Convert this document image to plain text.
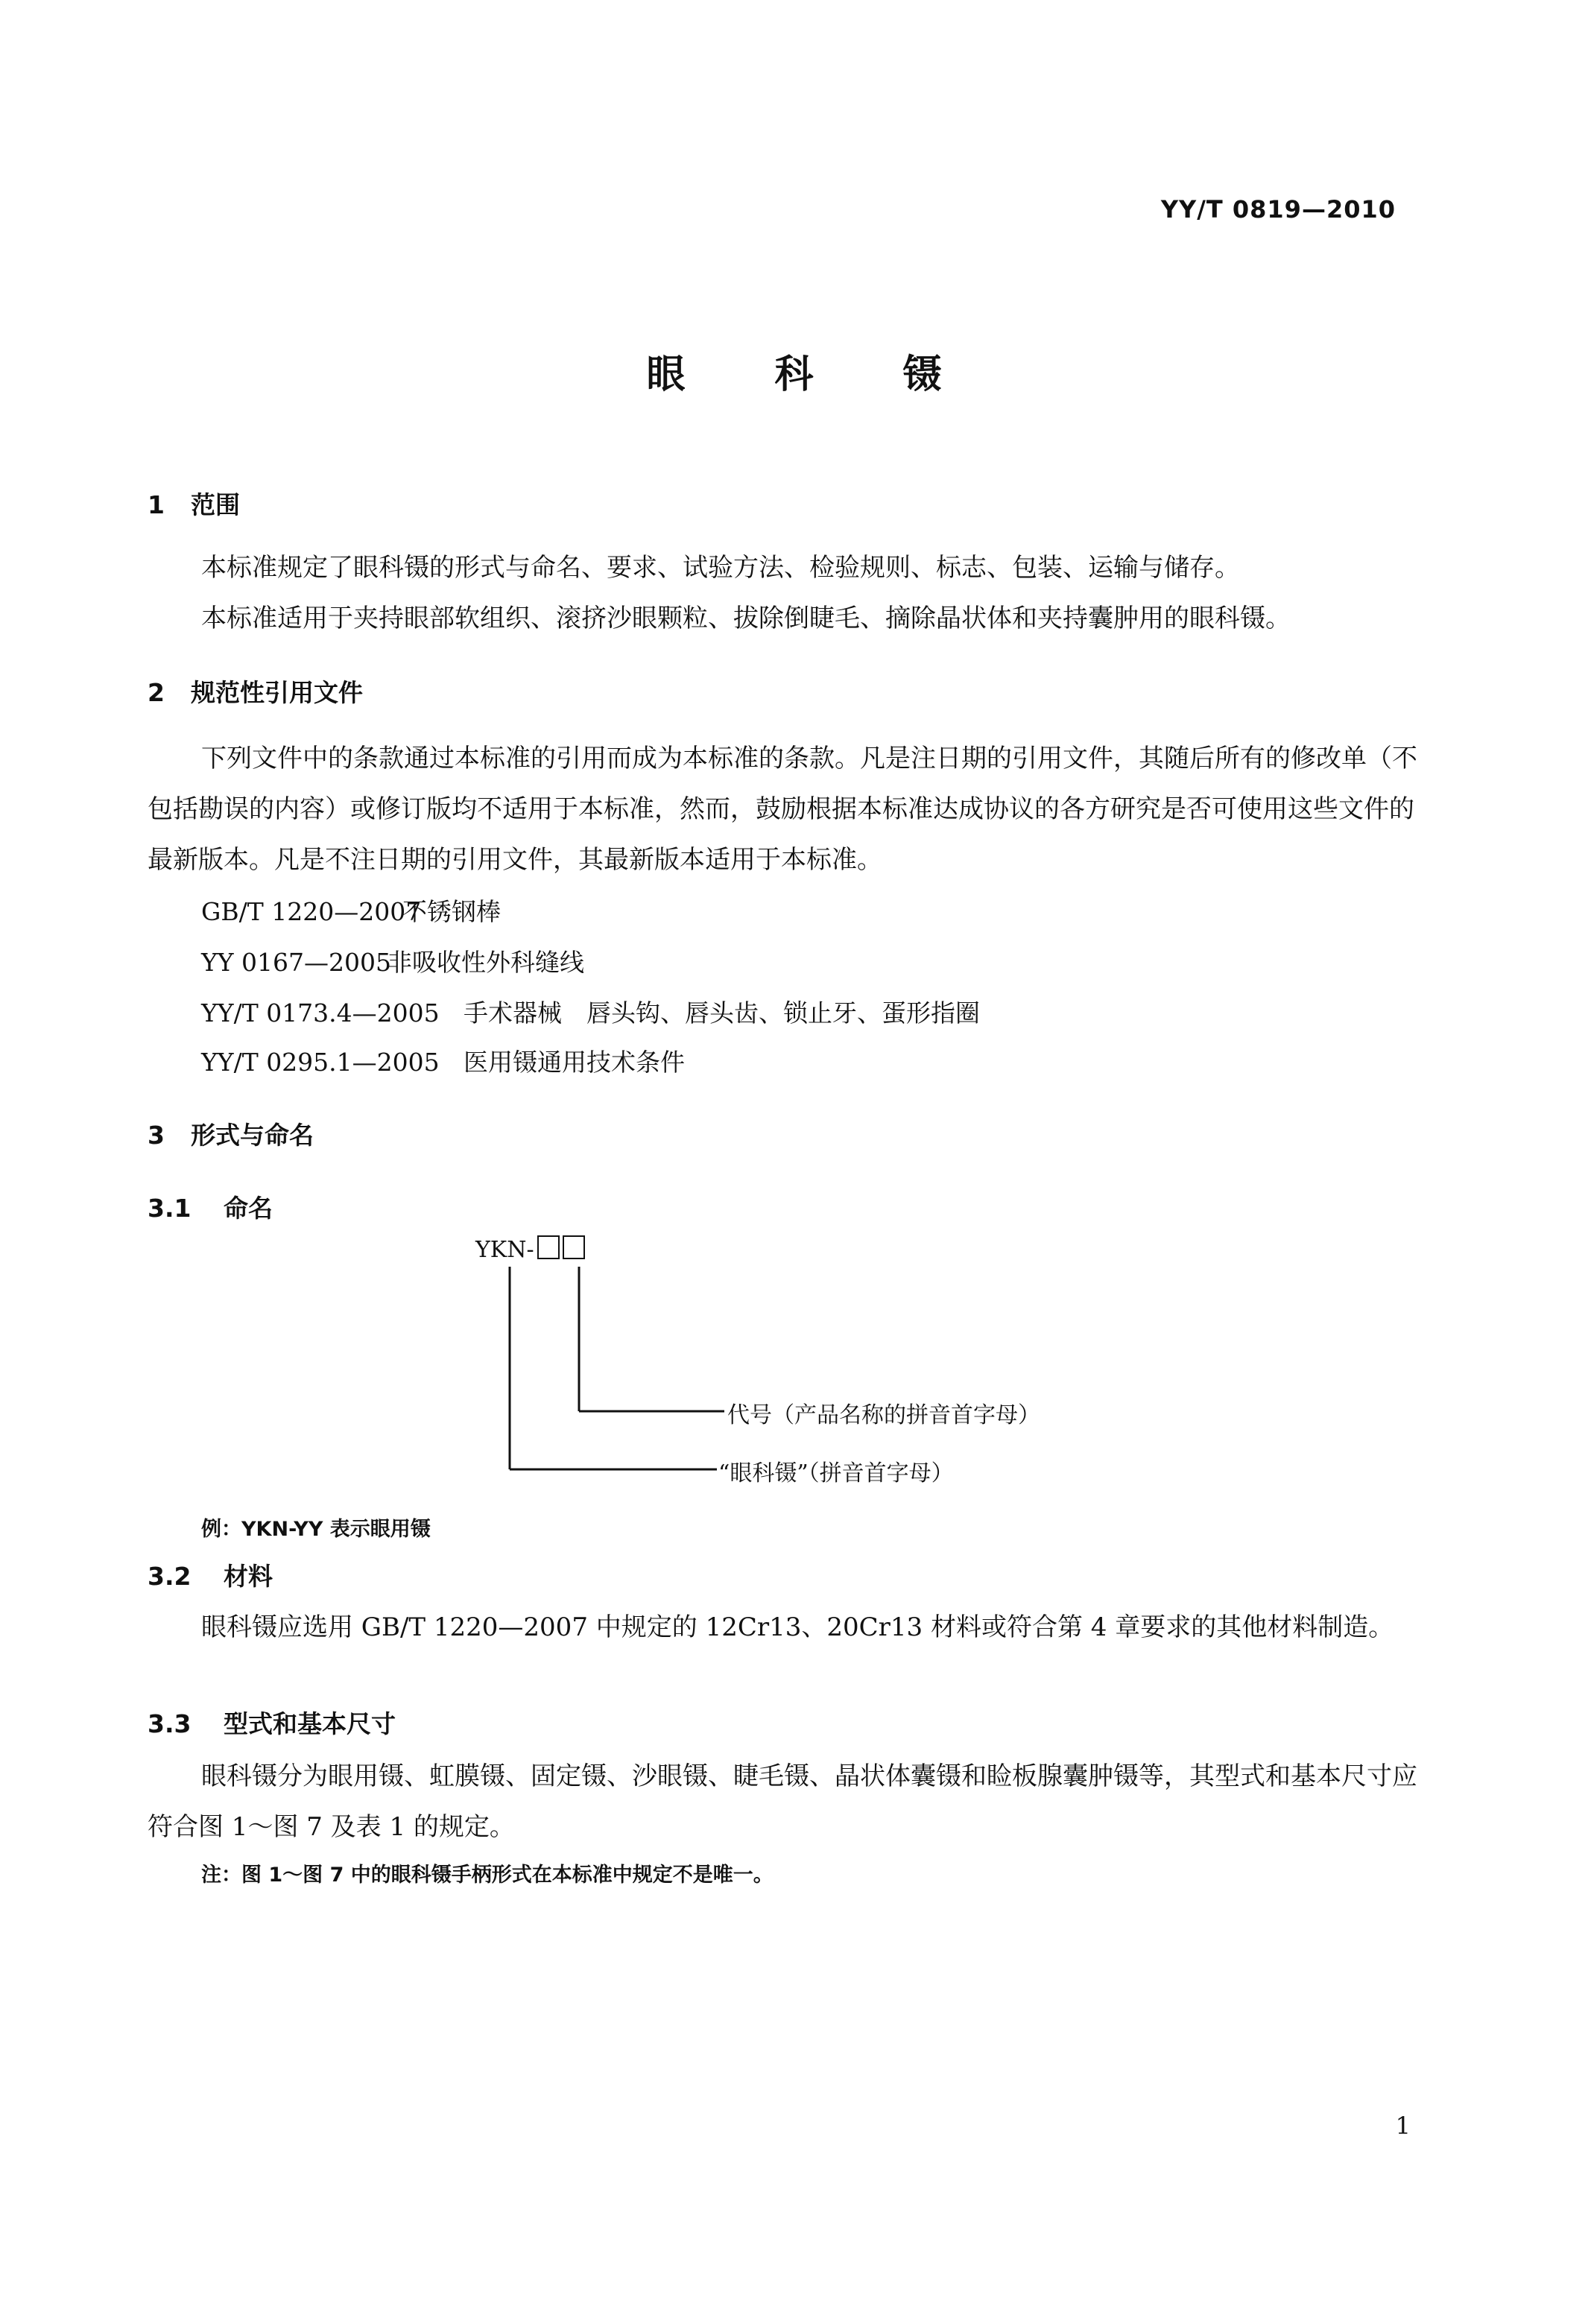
YY/T 0819—2010
眼科镊
1 范围
本标准规定了眼科镊的形式与命名、要求、试验方法、检验规则、标志、包装、运输与储存。
本标准适用于夹持眼部软组织、滚挤沙眼颗粒、拔除倒睫毛、摘除晶状体和夹持囊肿用的眼科镊。
2 规范性引用文件
下列文件中的条款通过本标准的引用而成为本标准的条款。凡是注日期的引用文件，其随后所有的修改单（不包括勘误的内容）或修订版均不适用于本标准，然而，鼓励根据本标准达成协议的各方研究是否可使用这些文件的最新版本。凡是不注日期的引用文件，其最新版本适用于本标准。
GB/T 1220—2007不锈钢棒
YY 0167—2005非吸收性外科缝线
YY/T 0173.4—2005 手术器械　唇头钩、唇头齿、锁止牙、蛋形指圈
YY/T 0295.1—2005 医用镊通用技术条件
3 形式与命名
3.1 命名
YKN-
代号（产品名称的拼音首字母）
“眼科镊”（拼音首字母）
例：YKN-YY 表示眼用镊
3.2 材料
眼科镊应选用 GB/T 1220—2007 中规定的 12Cr13、20Cr13 材料或符合第 4 章要求的其他材料制造。
3.3 型式和基本尺寸
眼科镊分为眼用镊、虹膜镊、固定镊、沙眼镊、睫毛镊、晶状体囊镊和睑板腺囊肿镊等，其型式和基本尺寸应符合图 1～图 7 及表 1 的规定。
注：图 1～图 7 中的眼科镊手柄形式在本标准中规定不是唯一。
1
